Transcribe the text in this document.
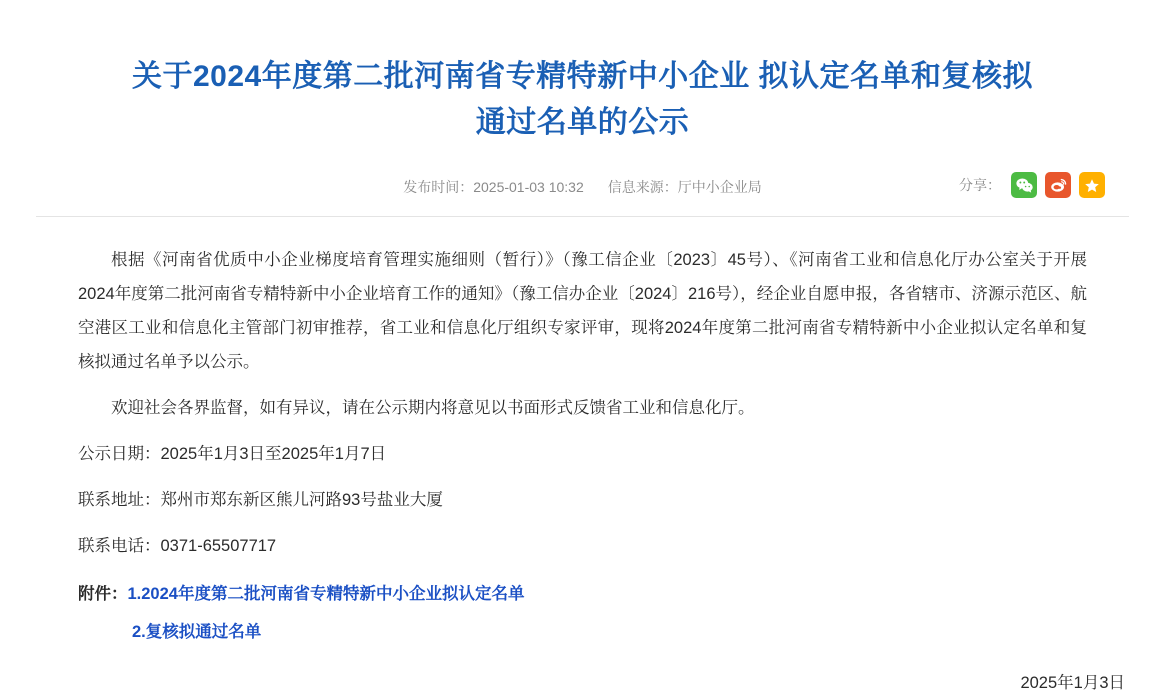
关于2024年度第二批河南省专精特新中小企业 拟认定名单和复核拟通过名单的公示
发布时间：2025-01-03 10:32 信息来源：厅中小企业局	分享：

根据《河南省优质中小企业梯度培育管理实施细则（暂行）》（豫工信企业〔2023〕45号）、《河南省工业和信息化厅办公室关于开展 2024年度第二批河南省专精特新中小企业培育工作的通知》（豫工信办企业〔2024〕216号），经企业自愿申报，各省辖市、济源示范区、航空港区工业和信息化主管部门初审推荐，省工业和信息化厅组织专家评审，现将2024年度第二批河南省专精特新中小企业拟认定名单和复核拟通过名单予以公示。

欢迎社会各界监督，如有异议，请在公示期内将意见以书面形式反馈省工业和信息化厅。

公示日期：2025年1月3日至2025年1月7日

联系地址：郑州市郑东新区熊儿河路93号盐业大厦

联系电话：0371-65507717

附件：1.2024年度第二批河南省专精特新中小企业拟认定名单
2.复核拟通过名单
2025年1月3日
